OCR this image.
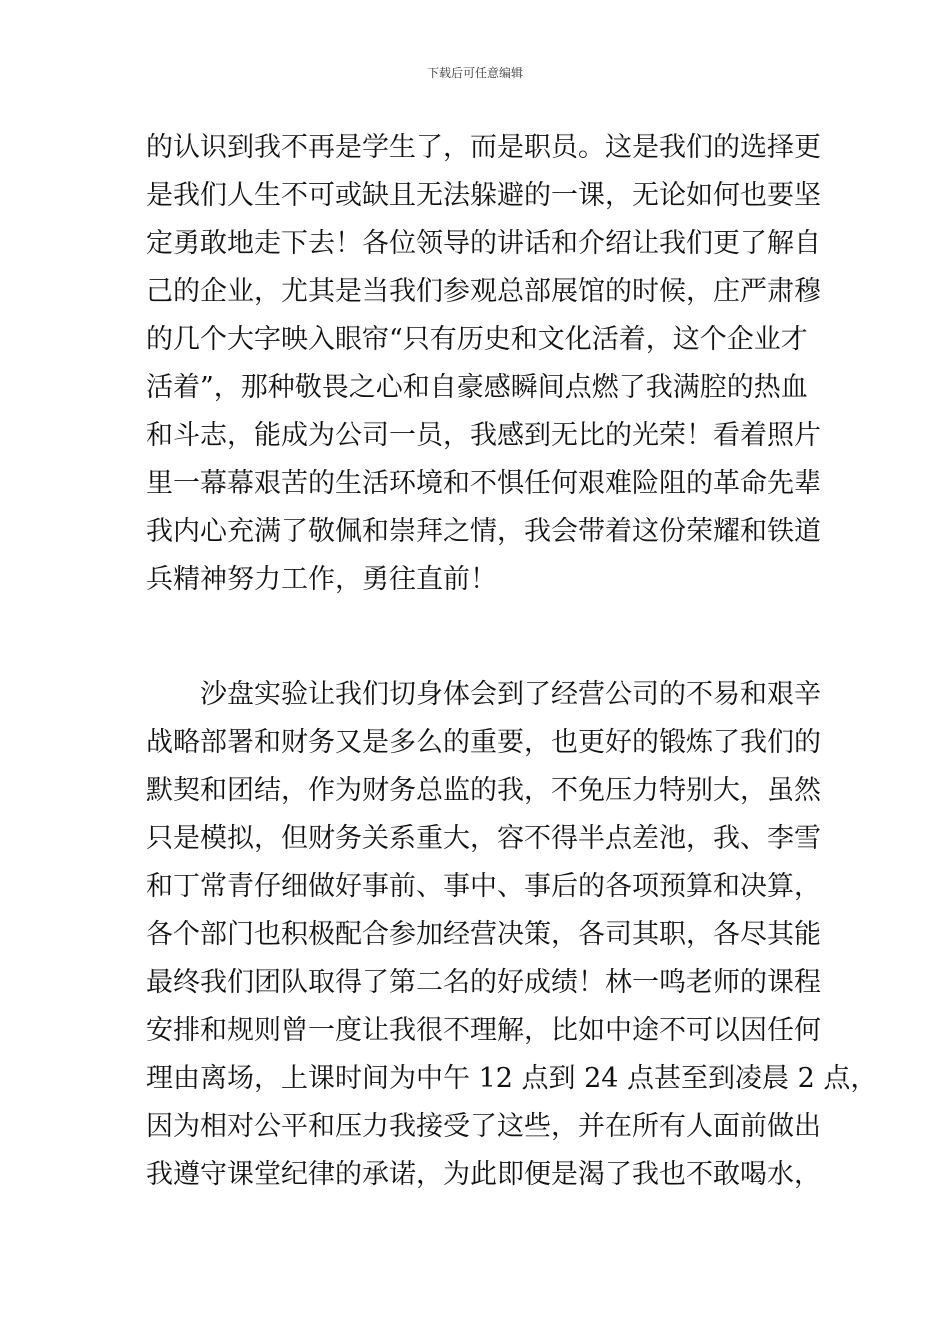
下载后可任意编辑
的认识到我不再是学生了，而是职员。这是我们的选择更
是我们人生不可或缺且无法躲避的一课，无论如何也要坚
定勇敢地走下去！各位领导的讲话和介绍让我们更了解自
己的企业，尤其是当我们参观总部展馆的时候，庄严肃穆
的几个大字映入眼帘“只有历史和文化活着，这个企业才
活着”，那种敬畏之心和自豪感瞬间点燃了我满腔的热血
和斗志，能成为公司一员，我感到无比的光荣！看着照片
里一幕幕艰苦的生活环境和不惧任何艰难险阻的革命先辈
我内心充满了敬佩和崇拜之情，我会带着这份荣耀和铁道
兵精神努力工作，勇往直前！
　　沙盘实验让我们切身体会到了经营公司的不易和艰辛
战略部署和财务又是多么的重要，也更好的锻炼了我们的
默契和团结，作为财务总监的我，不免压力特别大，虽然
只是模拟，但财务关系重大，容不得半点差池，我、李雪
和丁常青仔细做好事前、事中、事后的各项预算和决算，
各个部门也积极配合参加经营决策，各司其职，各尽其能
最终我们团队取得了第二名的好成绩！林一鸣老师的课程
安排和规则曾一度让我很不理解，比如中途不可以因任何
理由离场，上课时间为中午 12 点到 24 点甚至到凌晨 2 点，
因为相对公平和压力我接受了这些，并在所有人面前做出
我遵守课堂纪律的承诺，为此即便是渴了我也不敢喝水，
